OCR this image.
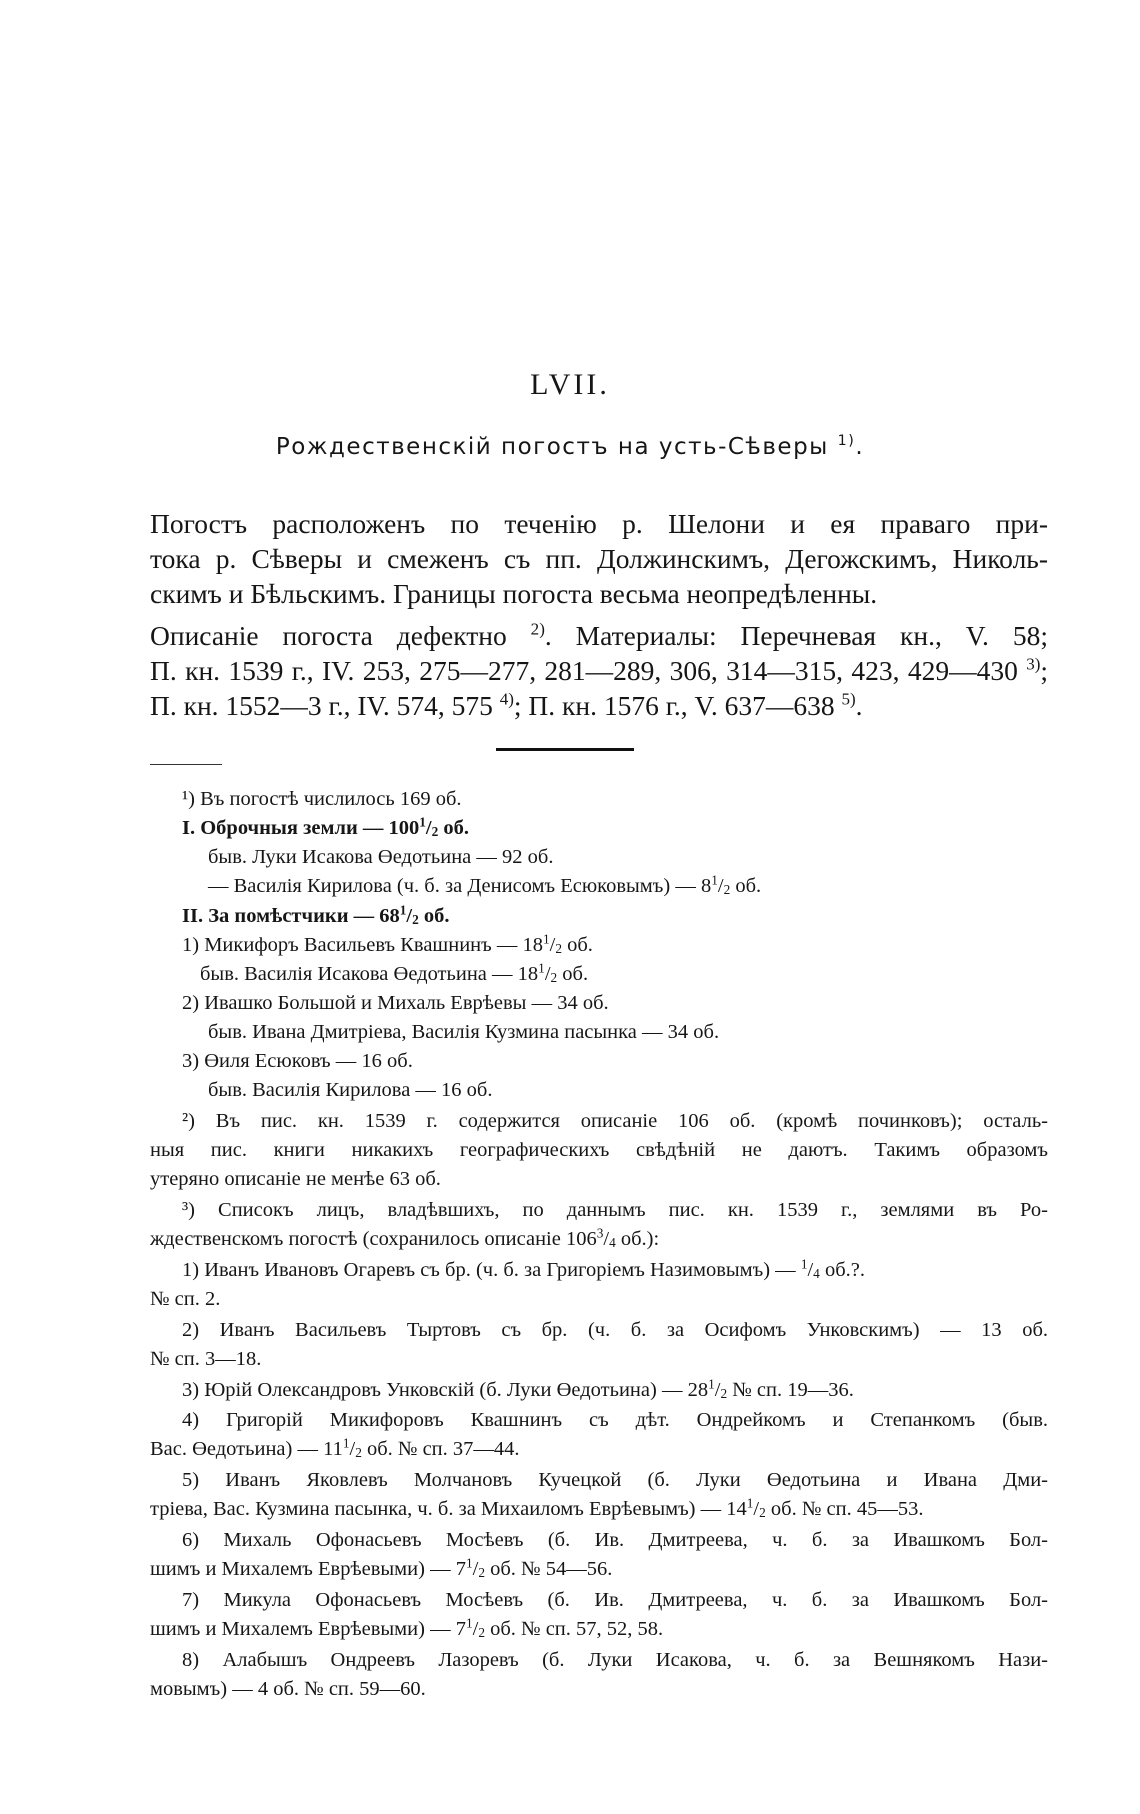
LVII.
Рождественскій погостъ на усть-Сѣверы $^{1)}$.

Погостъ расположенъ по теченію р. Шелони и ея праваго при-
тока р. Сѣверы и смеженъ съ пп. Должинскимъ, Дегожскимъ, Николь-
скимъ и Бѣльскимъ. Границы погоста весьма неопредѣленны.

Описаніе погоста дефектно $^{2)}$. Материалы: Перечневая кн., V. 58;
П. кн. 1539 г., IV. 253, 275—277, 281—289, 306, 314—315, 423, 429—430 $^{3)}$;
П. кн. 1552—3 г., IV. 574, 575 $^{4)}$; П. кн. 1576 г., V. 637—638 $^{5)}$.

¹) Въ погостѣ числилось 169 об.
I. Оброчныя земли — $100^1/_2$ об.
быв. Луки Исакова Өедотьина — 92 об.
— Василія Кирилова (ч. б. за Денисомъ Есюковымъ) — $8^1/_2$ об.
II. За помѣстчики — $68^1/_2$ об.
1) Микифоръ Васильевъ Квашнинъ — $18^1/_2$ об.
быв. Василія Исакова Өедотьина — $18^1/_2$ об.
2) Ивашко Большой и Михаль Еврѣевы — 34 об.
быв. Ивана Дмитріева, Василія Кузмина пасынка — 34 об.
3) Өиля Есюковъ — 16 об.
быв. Василія Кирилова — 16 об.
²) Въ пис. кн. 1539 г. содержится описаніе 106 об. (кромѣ починковъ); осталь-
ныя пис. книги никакихъ географическихъ свѣдѣній не даютъ. Такимъ образомъ
утеряно описаніе не менѣе 63 об.
³) Списокъ лицъ, владѣвшихъ, по даннымъ пис. кн. 1539 г., землями въ Ро-
ждественскомъ погостѣ (сохранилось описаніе $106^3/_4$ об.):
1) Иванъ Ивановъ Огаревъ съ бр. (ч. б. за Григоріемъ Назимовымъ) — $^1/_4$ об.?.
№ сп. 2.
2) Иванъ Васильевъ Тыртовъ съ бр. (ч. б. за Осифомъ Унковскимъ) — 13 об.
№ сп. 3—18.
3) Юрій Олександровъ Унковскій (б. Луки Өедотьина) — $28^1/_2$ № сп. 19—36.
4) Григорій Микифоровъ Квашнинъ съ дѣт. Ондрейкомъ и Степанкомъ (быв.
Вас. Өедотьина) — $11^1/_2$ об. № сп. 37—44.
5) Иванъ Яковлевъ Молчановъ Кучецкой (б. Луки Өедотьина и Ивана Дми-
тріева, Вас. Кузмина пасынка, ч. б. за Михаиломъ Еврѣевымъ) — $14^1/_2$ об. № сп. 45—53.
6) Михаль Офонасьевъ Мосѣевъ (б. Ив. Дмитреева, ч. б. за Ивашкомъ Бол-
шимъ и Михалемъ Еврѣевыми) — $7^1/_2$ об. № 54—56.
7) Микула Офонасьевъ Мосѣевъ (б. Ив. Дмитреева, ч. б. за Ивашкомъ Бол-
шимъ и Михалемъ Еврѣевыми) — $7^1/_2$ об. № сп. 57, 52, 58.
8) Алабышъ Ондреевъ Лазоревъ (б. Луки Исакова, ч. б. за Вешнякомъ Нази-
мовымъ) — 4 об. № сп. 59—60.
